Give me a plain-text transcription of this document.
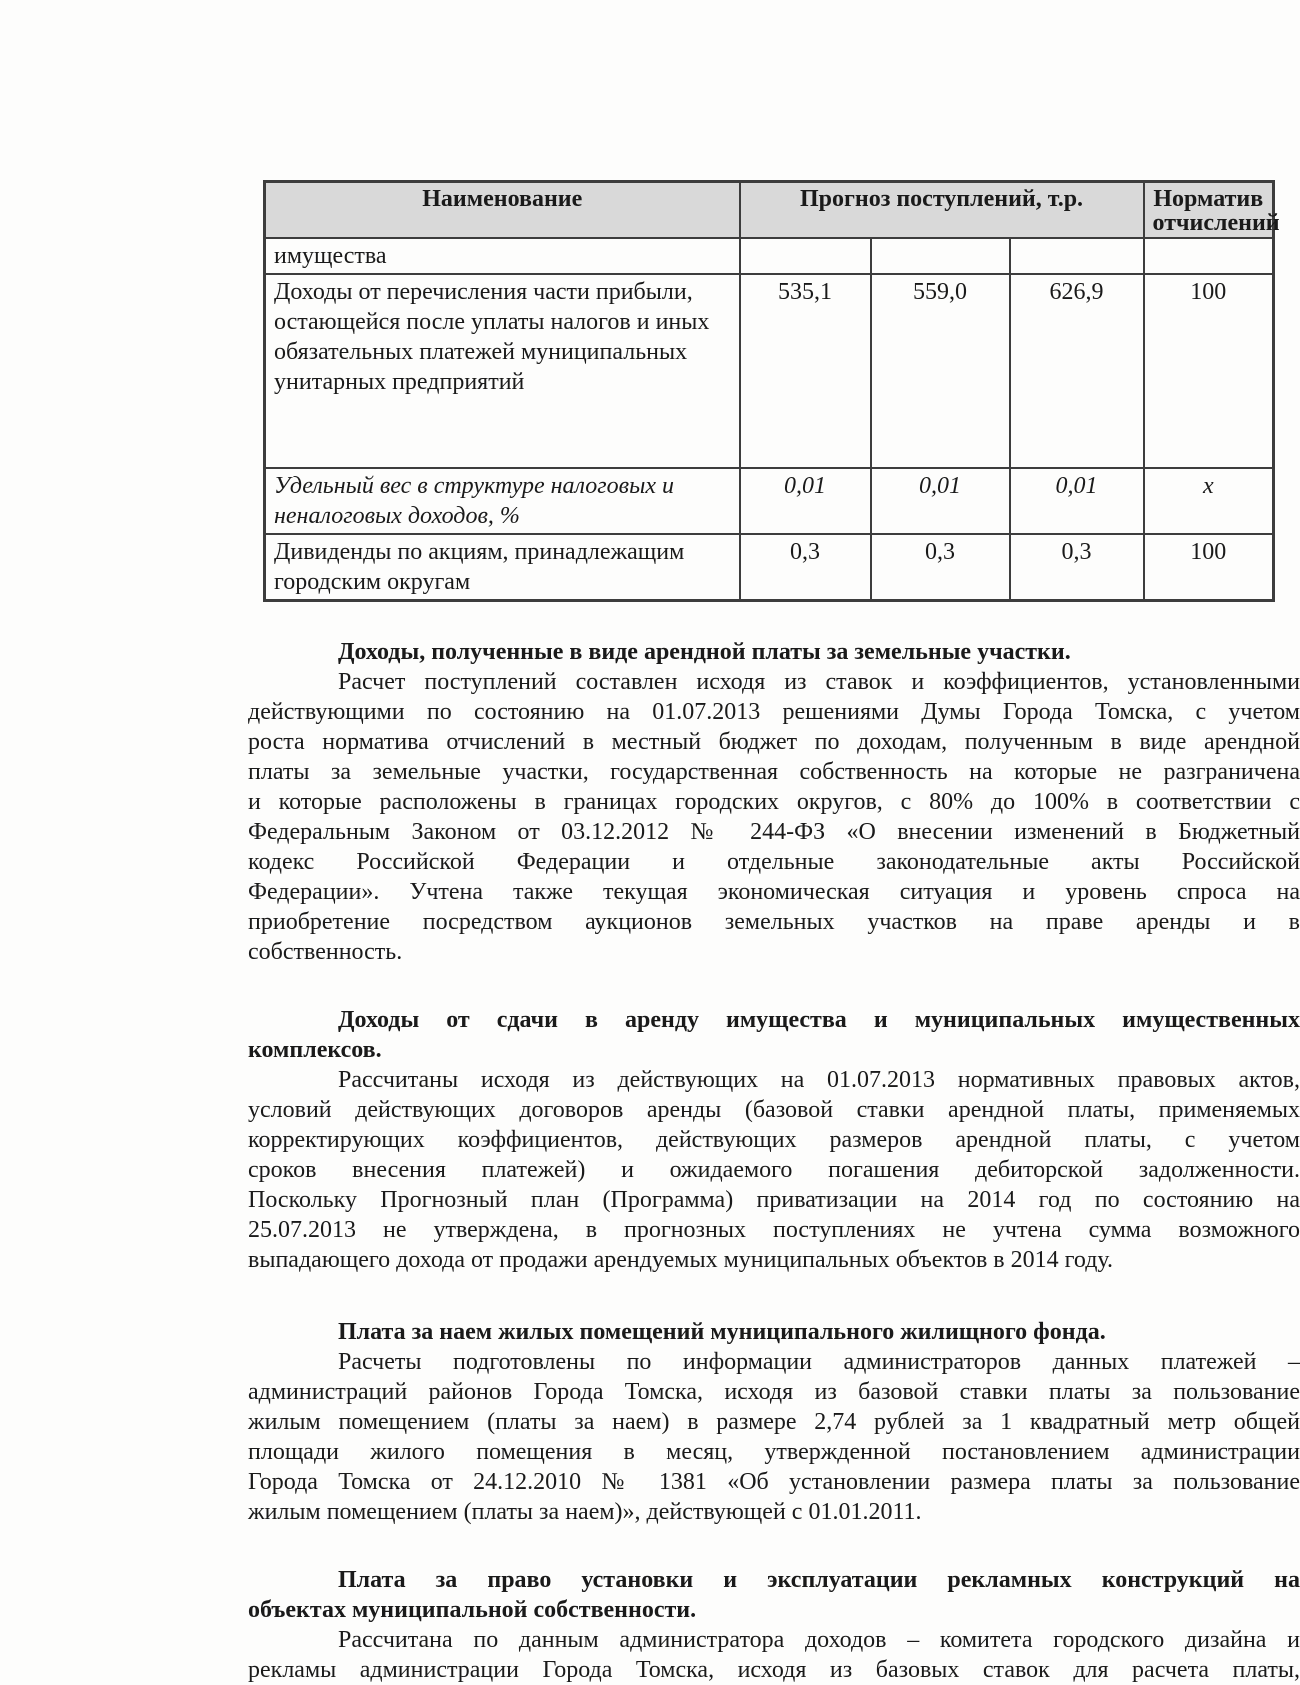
Наименование	Прогноз поступлений, т.р.			Норматив отчислений
имущества				
Доходы от перечисления части прибыли, остающейся после уплаты налогов и иных обязательных платежей муниципальных унитарных предприятий	535,1	559,0	626,9	100
Удельный вес в структуре налоговых и неналоговых доходов, %	0,01	0,01	0,01	x
Дивиденды по акциям, принадлежащим городским округам	0,3	0,3	0,3	100
Доходы, полученные в виде арендной платы за земельные участки.
Расчет поступлений составлен исходя из ставок и коэффициентов, установленными
действующими по состоянию на 01.07.2013 решениями Думы Города Томска, с учетом
роста норматива отчислений в местный бюджет по доходам, полученным в виде арендной
платы за земельные участки, государственная собственность на которые не разграничена
и которые расположены в границах городских округов, с 80% до 100% в соответствии с
Федеральным Законом от 03.12.2012 № 244-ФЗ «О внесении изменений в Бюджетный
кодекс Российской Федерации и отдельные законодательные акты Российской
Федерации». Учтена также текущая экономическая ситуация и уровень спроса на
приобретение посредством аукционов земельных участков на праве аренды и в
собственность.
Доходы от сдачи в аренду имущества и муниципальных имущественных
комплексов.
Рассчитаны исходя из действующих на 01.07.2013 нормативных правовых актов,
условий действующих договоров аренды (базовой ставки арендной платы, применяемых
корректирующих коэффициентов, действующих размеров арендной платы, с учетом
сроков внесения платежей) и ожидаемого погашения дебиторской задолженности.
Поскольку Прогнозный план (Программа) приватизации на 2014 год по состоянию на
25.07.2013 не утверждена, в прогнозных поступлениях не учтена сумма возможного
выпадающего дохода от продажи арендуемых муниципальных объектов в 2014 году.
Плата за наем жилых помещений муниципального жилищного фонда.
Расчеты подготовлены по информации администраторов данных платежей –
администраций районов Города Томска, исходя из базовой ставки платы за пользование
жилым помещением (платы за наем) в размере 2,74 рублей за 1 квадратный метр общей
площади жилого помещения в месяц, утвержденной постановлением администрации
Города Томска от 24.12.2010 № 1381 «Об установлении размера платы за пользование
жилым помещением (платы за наем)», действующей с 01.01.2011.
Плата за право установки и эксплуатации рекламных конструкций на
объектах муниципальной собственности.
Рассчитана по данным администратора доходов – комитета городского дизайна и
рекламы администрации Города Томска, исходя из базовых ставок для расчета платы,
